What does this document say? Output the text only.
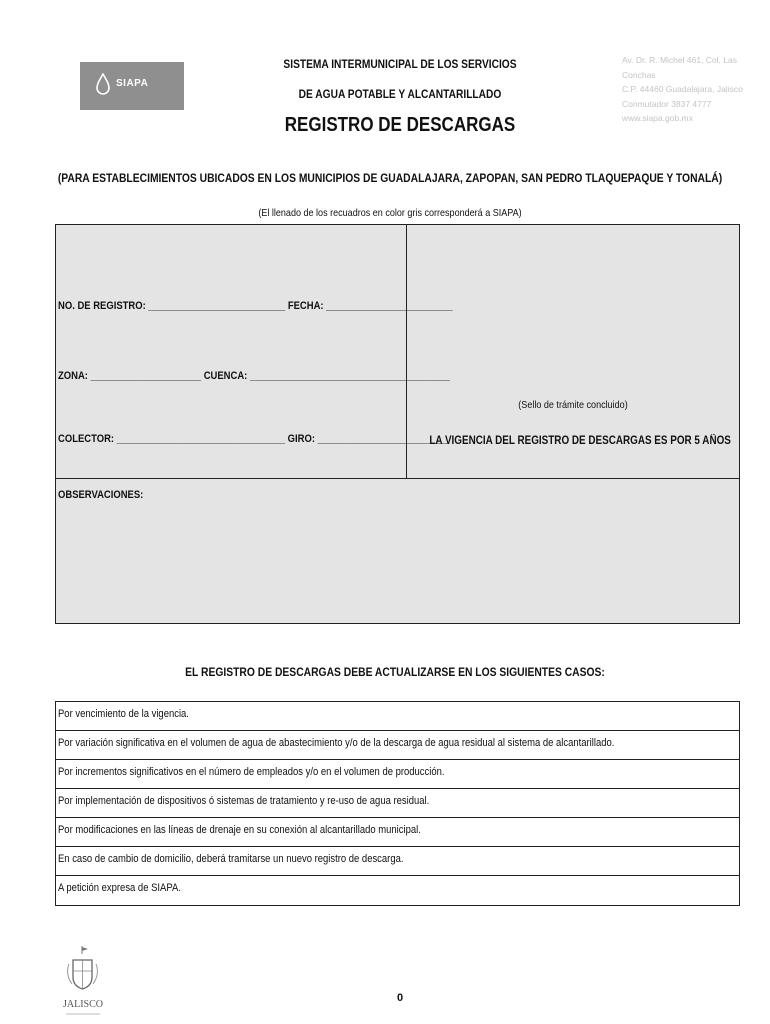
SIAPA
SISTEMA INTERMUNICIPAL DE LOS SERVICIOS
DE AGUA POTABLE Y ALCANTARILLADO
REGISTRO DE DESCARGAS
Av. Dr. R. Michel 461, Col. Las Conchas
C.P. 44460 Guadalajara, Jalisco
Conmutador 3837 4777
www.siapa.gob.mx
(PARA ESTABLECIMIENTOS UBICADOS EN LOS MUNICIPIOS DE GUADALAJARA, ZAPOPAN, SAN PEDRO TLAQUEPAQUE Y TONALÁ)
(El llenado de los recuadros en color gris corresponderá a SIAPA)
NO. DE REGISTRO: __________________________ FECHA: ________________________
ZONA: _____________________ CUENCA: ______________________________________
COLECTOR: ________________________________ GIRO: _________________________
OBSERVACIONES:
(Sello de trámite concluido)
LA VIGENCIA DEL REGISTRO DE DESCARGAS ES POR 5 AÑOS
EL REGISTRO DE DESCARGAS DEBE ACTUALIZARSE EN LOS SIGUIENTES CASOS:
Por vencimiento de la vigencia.
Por variación significativa en el volumen de agua de abastecimiento y/o de la descarga de agua residual al sistema de alcantarillado.
Por incrementos significativos en el número de empleados y/o en el volumen de producción.
Por implementación de dispositivos ó sistemas de tratamiento y re-uso de agua residual.
Por modificaciones en las líneas de drenaje en su conexión al alcantarillado municipal.
En caso de cambio de domicilio, deberá tramitarse un nuevo registro de descarga.
A petición expresa de SIAPA.
JALISCO
0
